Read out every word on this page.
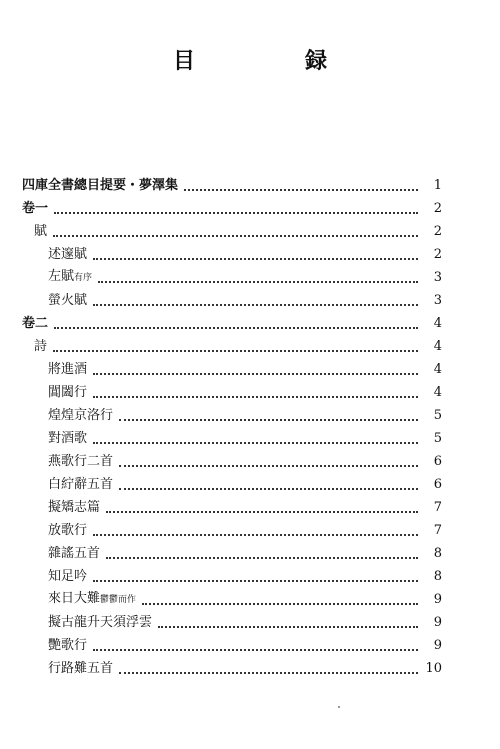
目　録
四庫全書總目提要・夢澤集	1
卷一	2
賦	2
述邃賦	2
左賦有序	3
螢火賦	3
卷二	4
詩	4
將進酒	4
閶闔行	4
煌煌京洛行	5
對酒歌	5
燕歌行二首	6
白紵辭五首	6
擬矯志篇	7
放歌行	7
雜謠五首	8
知足吟	8
來日大難鬱鬱而作	9
擬古龍升天須浮雲	9
艷歌行	9
行路難五首	10
